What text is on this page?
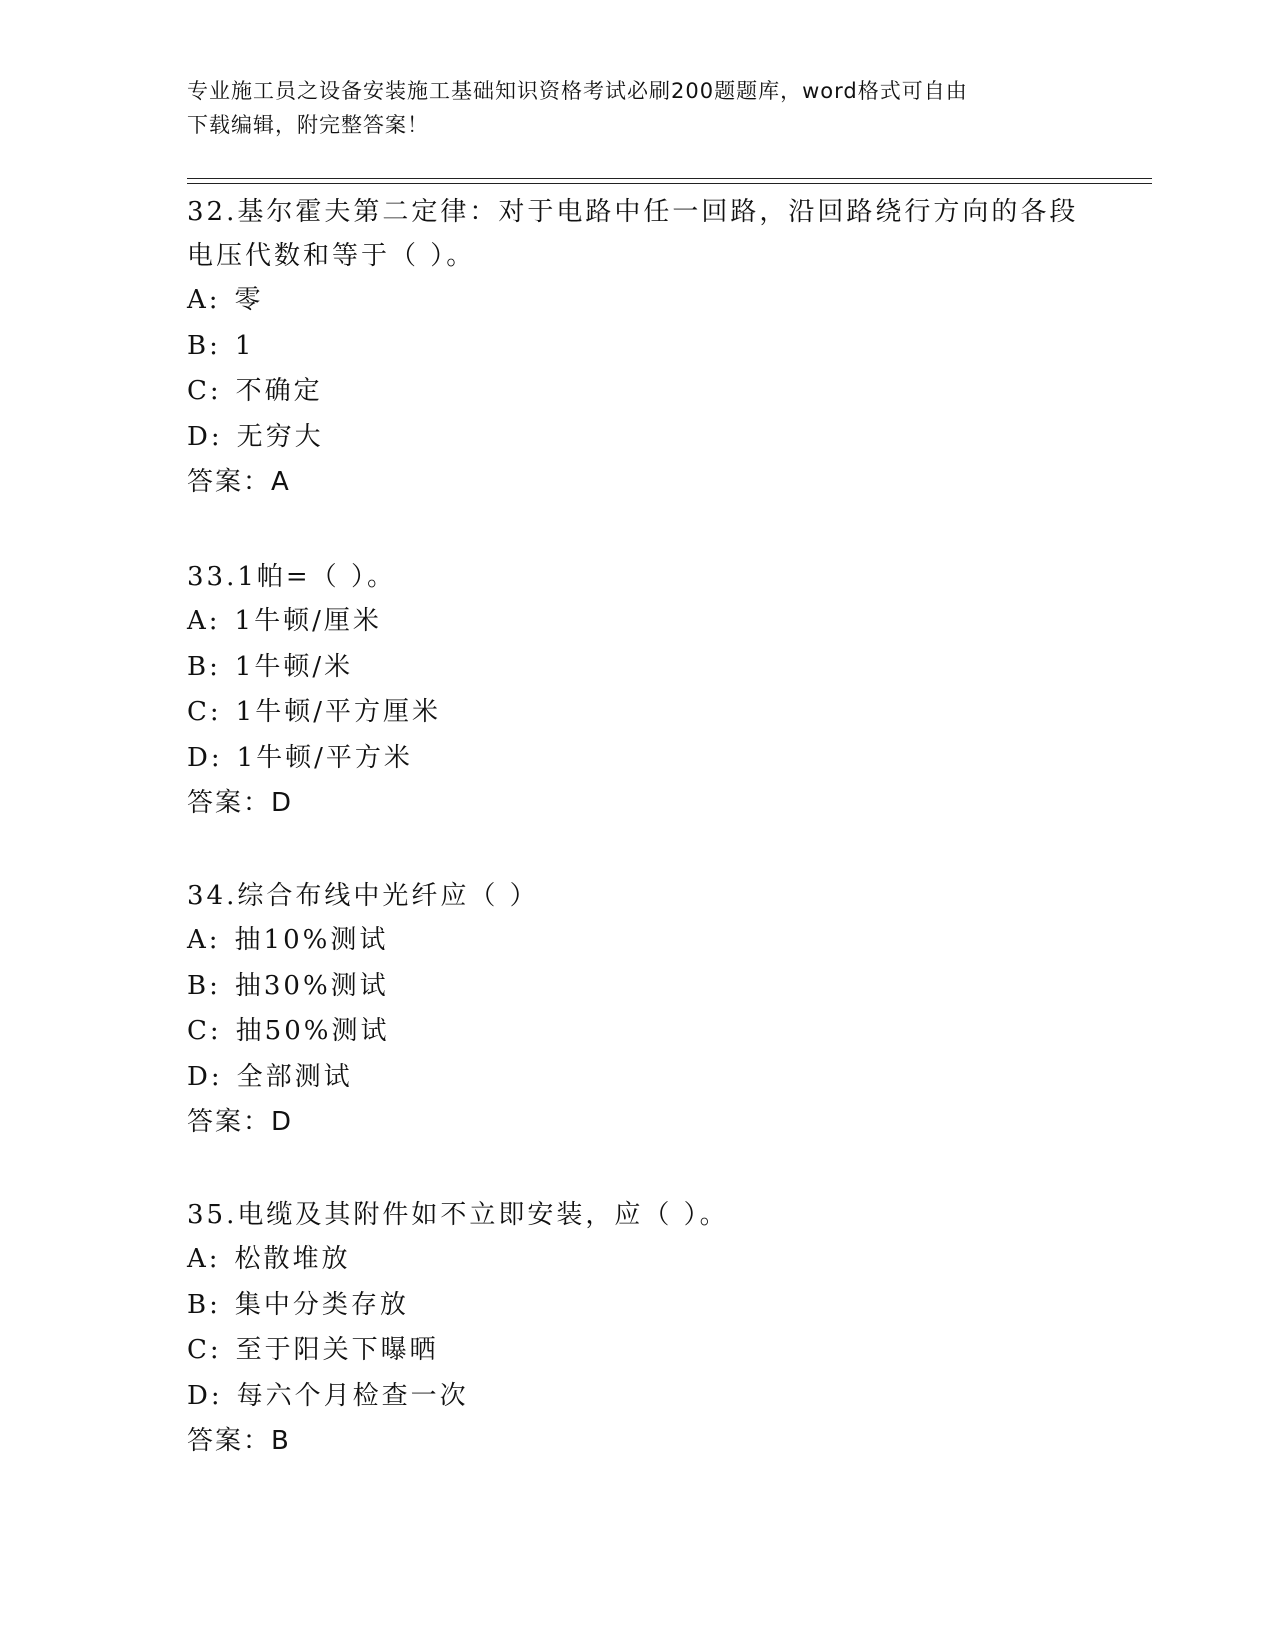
专业施工员之设备安装施工基础知识资格考试必刷200题题库，word格式可自由
下载编辑，附完整答案！
32.基尔霍夫第二定律：对于电路中任一回路，沿回路绕行方向的各段
电压代数和等于（ ）。
A: 零
B: 1
C: 不确定
D: 无穷大
答案：A
33.1帕=（ ）。
A: 1牛顿/厘米
B: 1牛顿/米
C: 1牛顿/平方厘米
D: 1牛顿/平方米
答案：D
34.综合布线中光纤应（ ）
A: 抽10%测试
B: 抽30%测试
C: 抽50%测试
D: 全部测试
答案：D
35.电缆及其附件如不立即安装，应（ ）。
A: 松散堆放
B: 集中分类存放
C: 至于阳关下曝晒
D: 每六个月检查一次
答案：B
